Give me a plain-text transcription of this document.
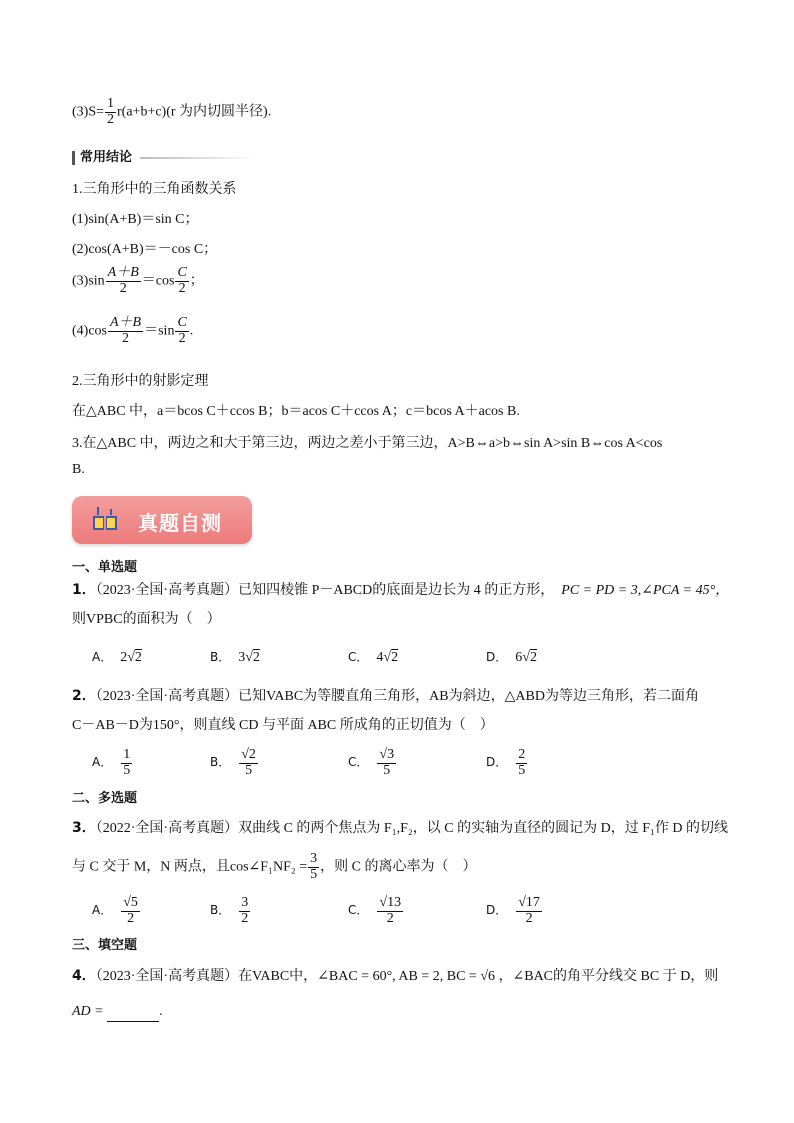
$(3)S= \frac{1}{2} r(a+b+c)(r$ 为内切圆半径).
常用结论
1.三角形中的三角函数关系
(1)sin(A+B)＝sin C；
(2)cos(A+B)＝－cos C；
$(3)\sin \frac{A+B}{2} =\cos \frac{C}{2}$ ；
$(4)\cos \frac{A+B}{2} =\sin \frac{C}{2}$ .
2.三角形中的射影定理
在△ABC 中，a＝bcos C＋ccos B；b＝acos C＋ccos A；c＝bcos A＋acos B.
3.在△ABC 中，两边之和大于第三边，两边之差小于第三边，A>B⇔a>b⇔sin A>sin B⇔cos A<cos
B.
真题自测
一、单选题
1．（2023·全国·高考真题）已知四棱锥 P－ABCD的底面是边长为 4 的正方形， PC = PD = 3,∠PCA = 45°，
则VPBC的面积为（　）
A． 2√2	B． 3√2	C． 4√2	D． 6√2
2．（2023·全国·高考真题）已知VABC为等腰直角三角形，AB为斜边，△ABD为等边三角形，若二面角
C－AB－D为150°，则直线 CD 与平面 ABC 所成角的正切值为（　）
A． $\frac{1}{5}$	B． $\frac{√2}{5}$	C． $\frac{√3}{5}$	D． $\frac{2}{5}$
二、多选题
3．（2022·全国·高考真题）双曲线 C 的两个焦点为 F₁,F₂，以 C 的实轴为直径的圆记为 D，过 F₁作 D 的切线
与 C 交于 M，N 两点，且cos∠F₁NF₂ = $\frac{3}{5}$ ，则 C 的离心率为（　）
A． $\frac{√5}{2}$	B． $\frac{3}{2}$	C． $\frac{√13}{2}$	D． $\frac{√17}{2}$
三、填空题
4．（2023·全国·高考真题）在VABC中，∠BAC = 60°, AB = 2, BC = √6 ，∠BAC的角平分线交 BC 于 D，则
AD =	.
